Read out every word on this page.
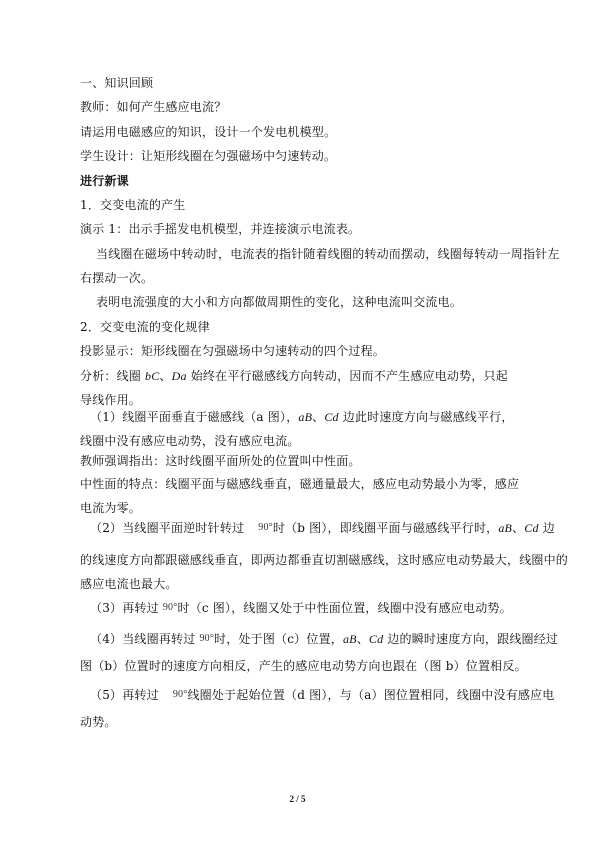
一、知识回顾
教师：如何产生感应电流？
请运用电磁感应的知识，设计一个发电机模型。
学生设计：让矩形线圈在匀强磁场中匀速转动。
进行新课
1．交变电流的产生
演示 1：出示手摇发电机模型，并连接演示电流表。
当线圈在磁场中转动时，电流表的指针随着线圈的转动而摆动，线圈每转动一周指针左
右摆动一次。
表明电流强度的大小和方向都做周期性的变化，这种电流叫交流电。
2．交变电流的变化规律
投影显示：矩形线圈在匀强磁场中匀速转动的四个过程。
分析：线圈 bC、Da 始终在平行磁感线方向转动，因而不产生感应电动势，只起导线作用。
（1）线圈平面垂直于磁感线（a 图），aB、Cd 边此时速度方向与磁感线平行，线圈中没有感应电动势，没有感应电流。
教师强调指出：这时线圈平面所处的位置叫中性面。
中性面的特点：线圈平面与磁感线垂直，磁通量最大，感应电动势最小为零，感应电流为零。
（2）当线圈平面逆时针转过 90°时（b 图），即线圈平面与磁感线平行时，aB、Cd 边
的线速度方向都跟磁感线垂直，即两边都垂直切割磁感线，这时感应电动势最大，线圈中的
感应电流也最大。
（3）再转过 90°时（c 图），线圈又处于中性面位置，线圈中没有感应电动势。
（4）当线圈再转过 90°时，处于图（c）位置，aB、Cd 边的瞬时速度方向，跟线圈经过
图（b）位置时的速度方向相反，产生的感应电动势方向也跟在（图 b）位置相反。
（5）再转过 90°线圈处于起始位置（d 图），与（a）图位置相同，线圈中没有感应电
动势。
2 / 5
